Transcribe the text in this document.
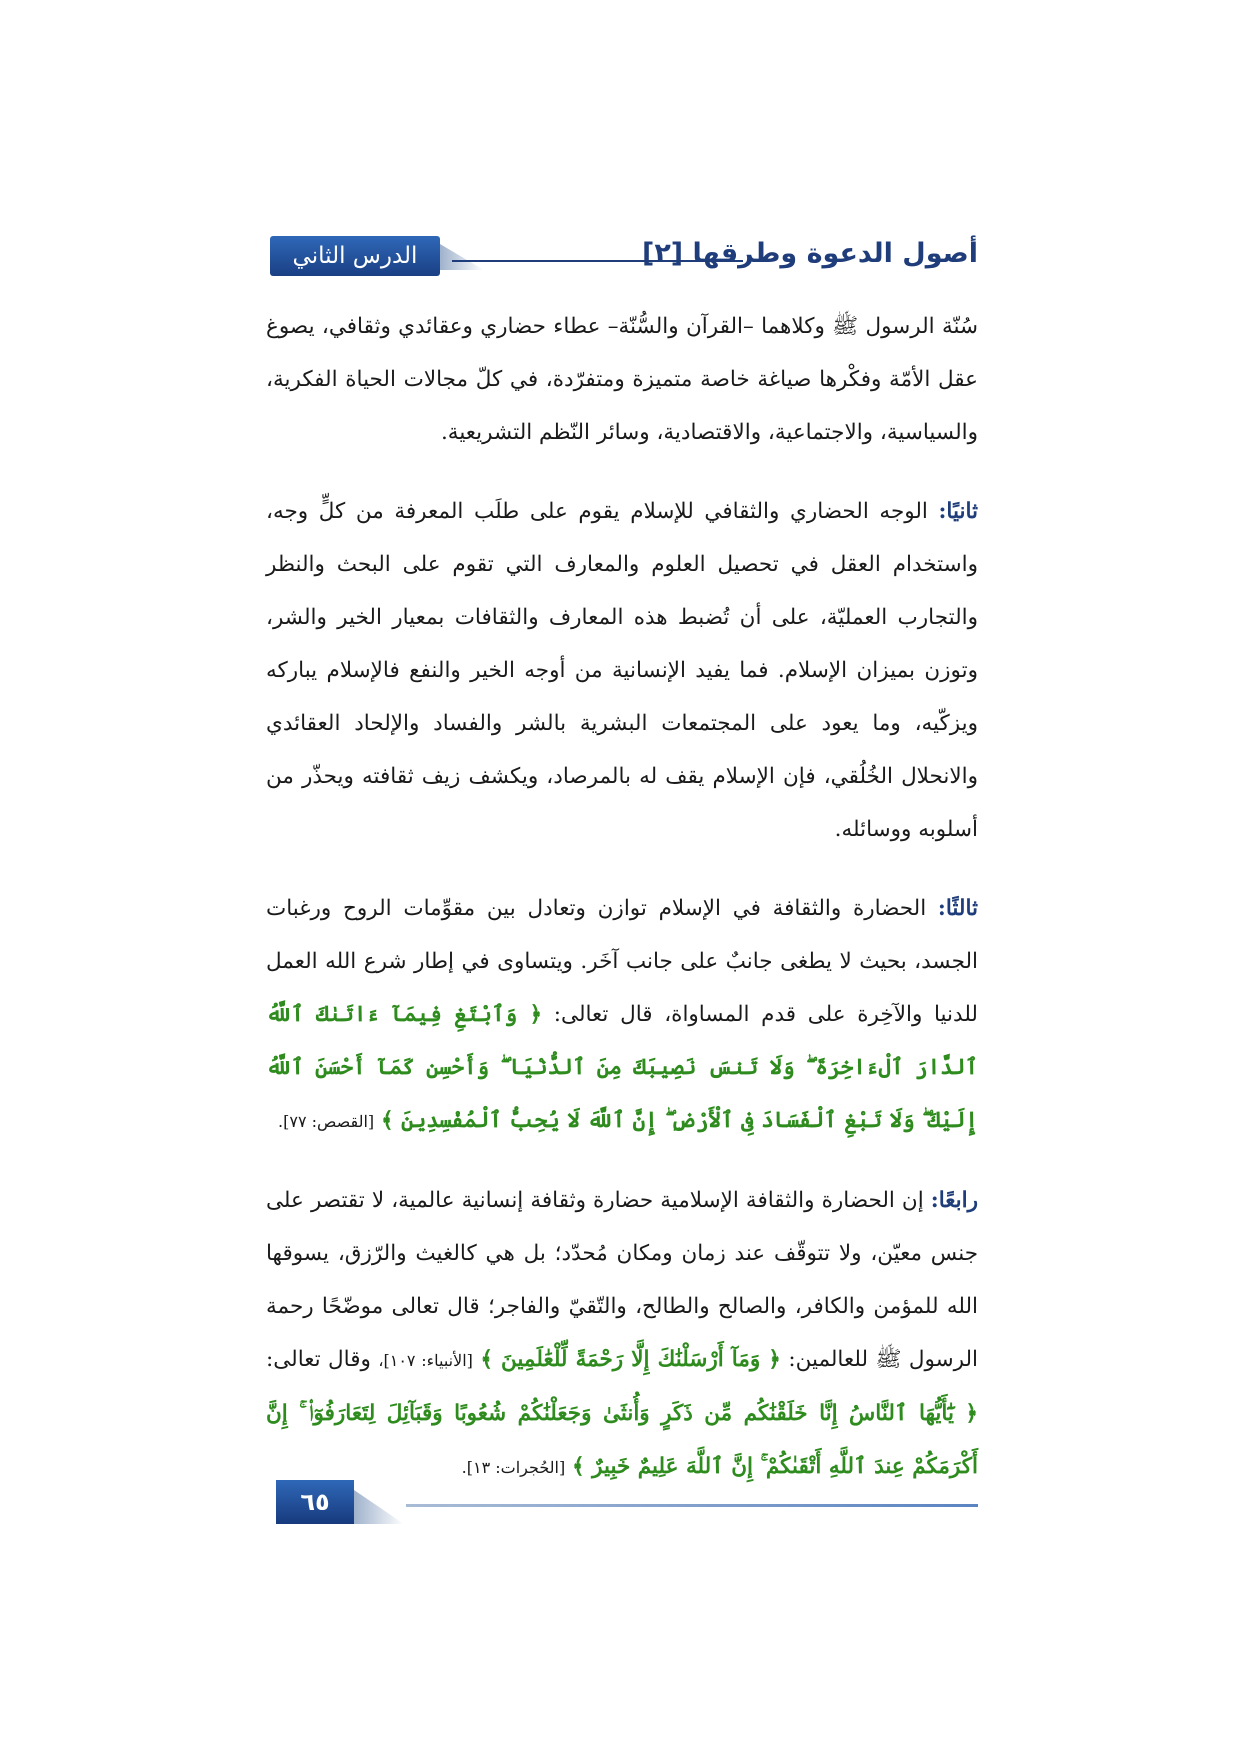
الدرس الثاني	أصول الدعوة وطرقها [٢]

سُنّة الرسول ﷺ وكلاهما –القرآن والسُّنّة– عطاء حضاري وعقائدي وثقافي، يصوغ عقل الأمّة وفكْرها صياغة خاصة متميزة ومتفرّدة، في كلّ مجالات الحياة الفكرية، والسياسية، والاجتماعية، والاقتصادية، وسائر النّظم التشريعية.

ثانيًا: الوجه الحضاري والثقافي للإسلام يقوم على طلَب المعرفة من كلٍّ وجه، واستخدام العقل في تحصيل العلوم والمعارف التي تقوم على البحث والنظر والتجارب العمليّة، على أن تُضبط هذه المعارف والثقافات بمعيار الخير والشر، وتوزن بميزان الإسلام. فما يفيد الإنسانية من أوجه الخير والنفع فالإسلام يباركه ويزكّيه، وما يعود على المجتمعات البشرية بالشر والفساد والإلحاد العقائدي والانحلال الخُلُقي، فإن الإسلام يقف له بالمرصاد، ويكشف زيف ثقافته ويحذّر من أسلوبه ووسائله.

ثالثًا: الحضارة والثقافة في الإسلام توازن وتعادل بين مقوِّمات الروح ورغبات الجسد، بحيث لا يطغى جانبٌ على جانب آخَر. ويتساوى في إطار شرع الله العمل للدنيا والآخِرة على قدم المساواة، قال تعالى: ﴿ وَٱبْتَغِ فِيمَآ ءَاتَىٰكَ ٱللَّهُ ٱلدَّارَ ٱلْءَاخِرَةَ ۖ وَلَا تَنسَ نَصِيبَكَ مِنَ ٱلدُّنْيَا ۖ وَأَحْسِن كَمَآ أَحْسَنَ ٱللَّهُ إِلَيْكَ ۖ وَلَا تَبْغِ ٱلْفَسَادَ فِى ٱلْأَرْضِ ۖ إِنَّ ٱللَّهَ لَا يُحِبُّ ٱلْمُفْسِدِينَ ﴾ [القصص: ٧٧].

رابعًا: إن الحضارة والثقافة الإسلامية حضارة وثقافة إنسانية عالمية، لا تقتصر على جنس معيّن، ولا تتوقّف عند زمان ومكان مُحدّد؛ بل هي كالغيث والرّزق، يسوقها الله للمؤمن والكافر، والصالح والطالح، والتّقيّ والفاجر؛ قال تعالى موضّحًا رحمة الرسول ﷺ للعالمين: ﴿ وَمَآ أَرْسَلْنَٰكَ إِلَّا رَحْمَةً لِّلْعَٰلَمِينَ ﴾ [الأنبياء: ١٠٧]، وقال تعالى: ﴿ يَٰٓأَيُّهَا ٱلنَّاسُ إِنَّا خَلَقْنَٰكُم مِّن ذَكَرٍ وَأُنثَىٰ وَجَعَلْنَٰكُمْ شُعُوبًا وَقَبَآئِلَ لِتَعَارَفُوٓا۟ ۚ إِنَّ أَكْرَمَكُمْ عِندَ ٱللَّهِ أَتْقَىٰكُمْ ۚ إِنَّ ٱللَّهَ عَلِيمٌ خَبِيرٌ ﴾ [الحُجرات: ١٣].

٦٥
